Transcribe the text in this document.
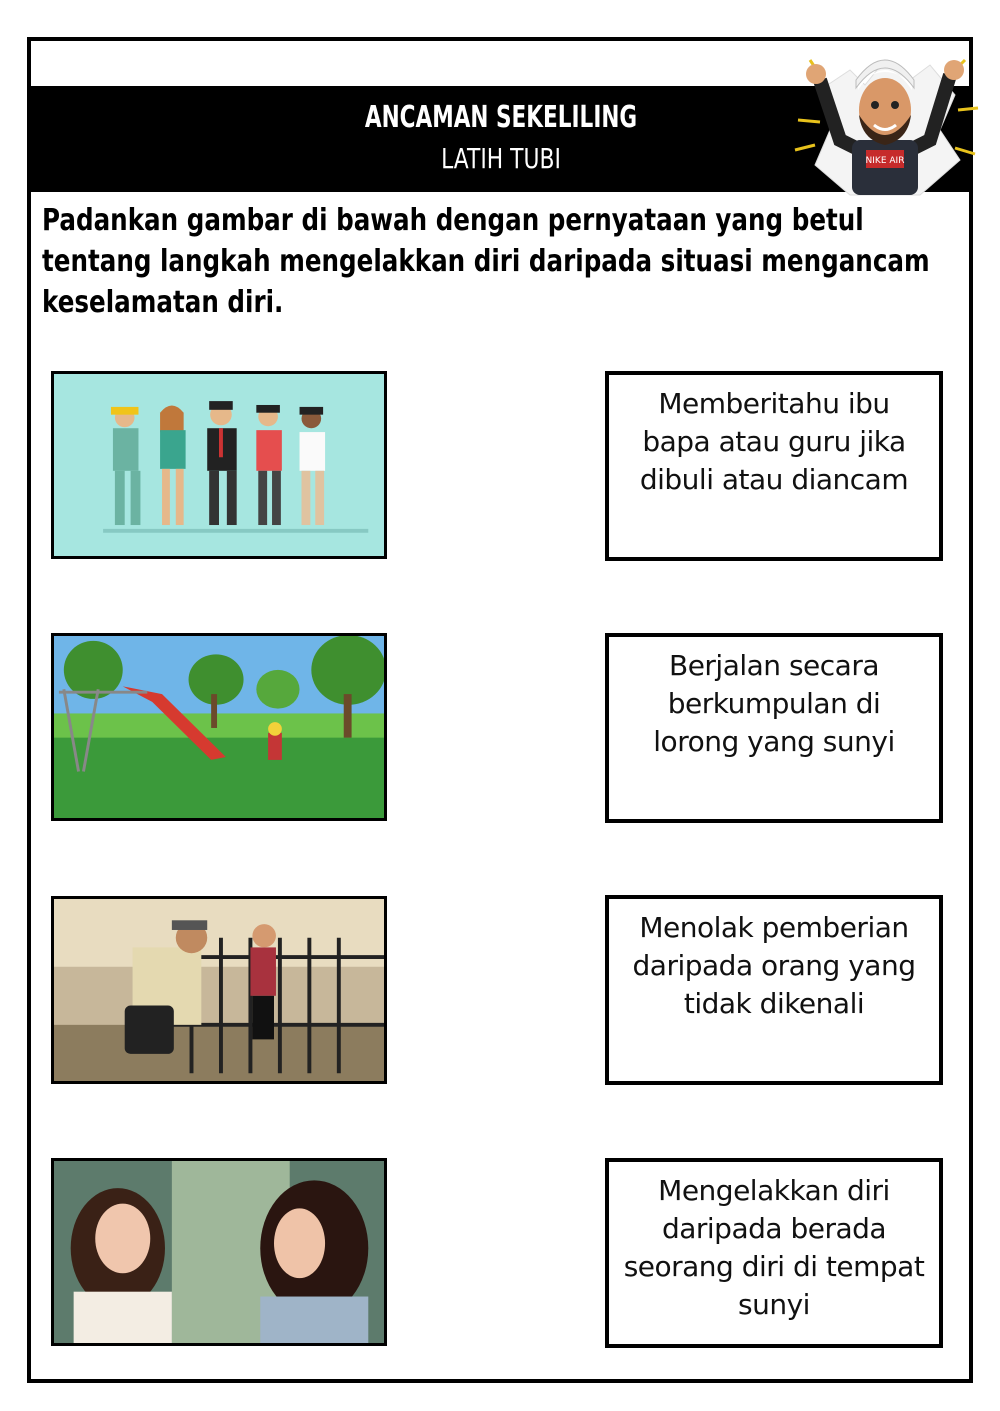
ANCAMAN SEKELILING
LATIH TUBI	NIKE AIR
Padankan gambar di bawah dengan pernyataan yang betul tentang langkah mengelakkan diri daripada situasi mengancam keselamatan diri.
Memberitahu ibu bapa atau guru jika dibuli atau diancam
Berjalan secara berkumpulan di lorong yang sunyi
Menolak pemberian daripada orang yang tidak dikenali
Mengelakkan diri daripada berada seorang diri di tempat sunyi
